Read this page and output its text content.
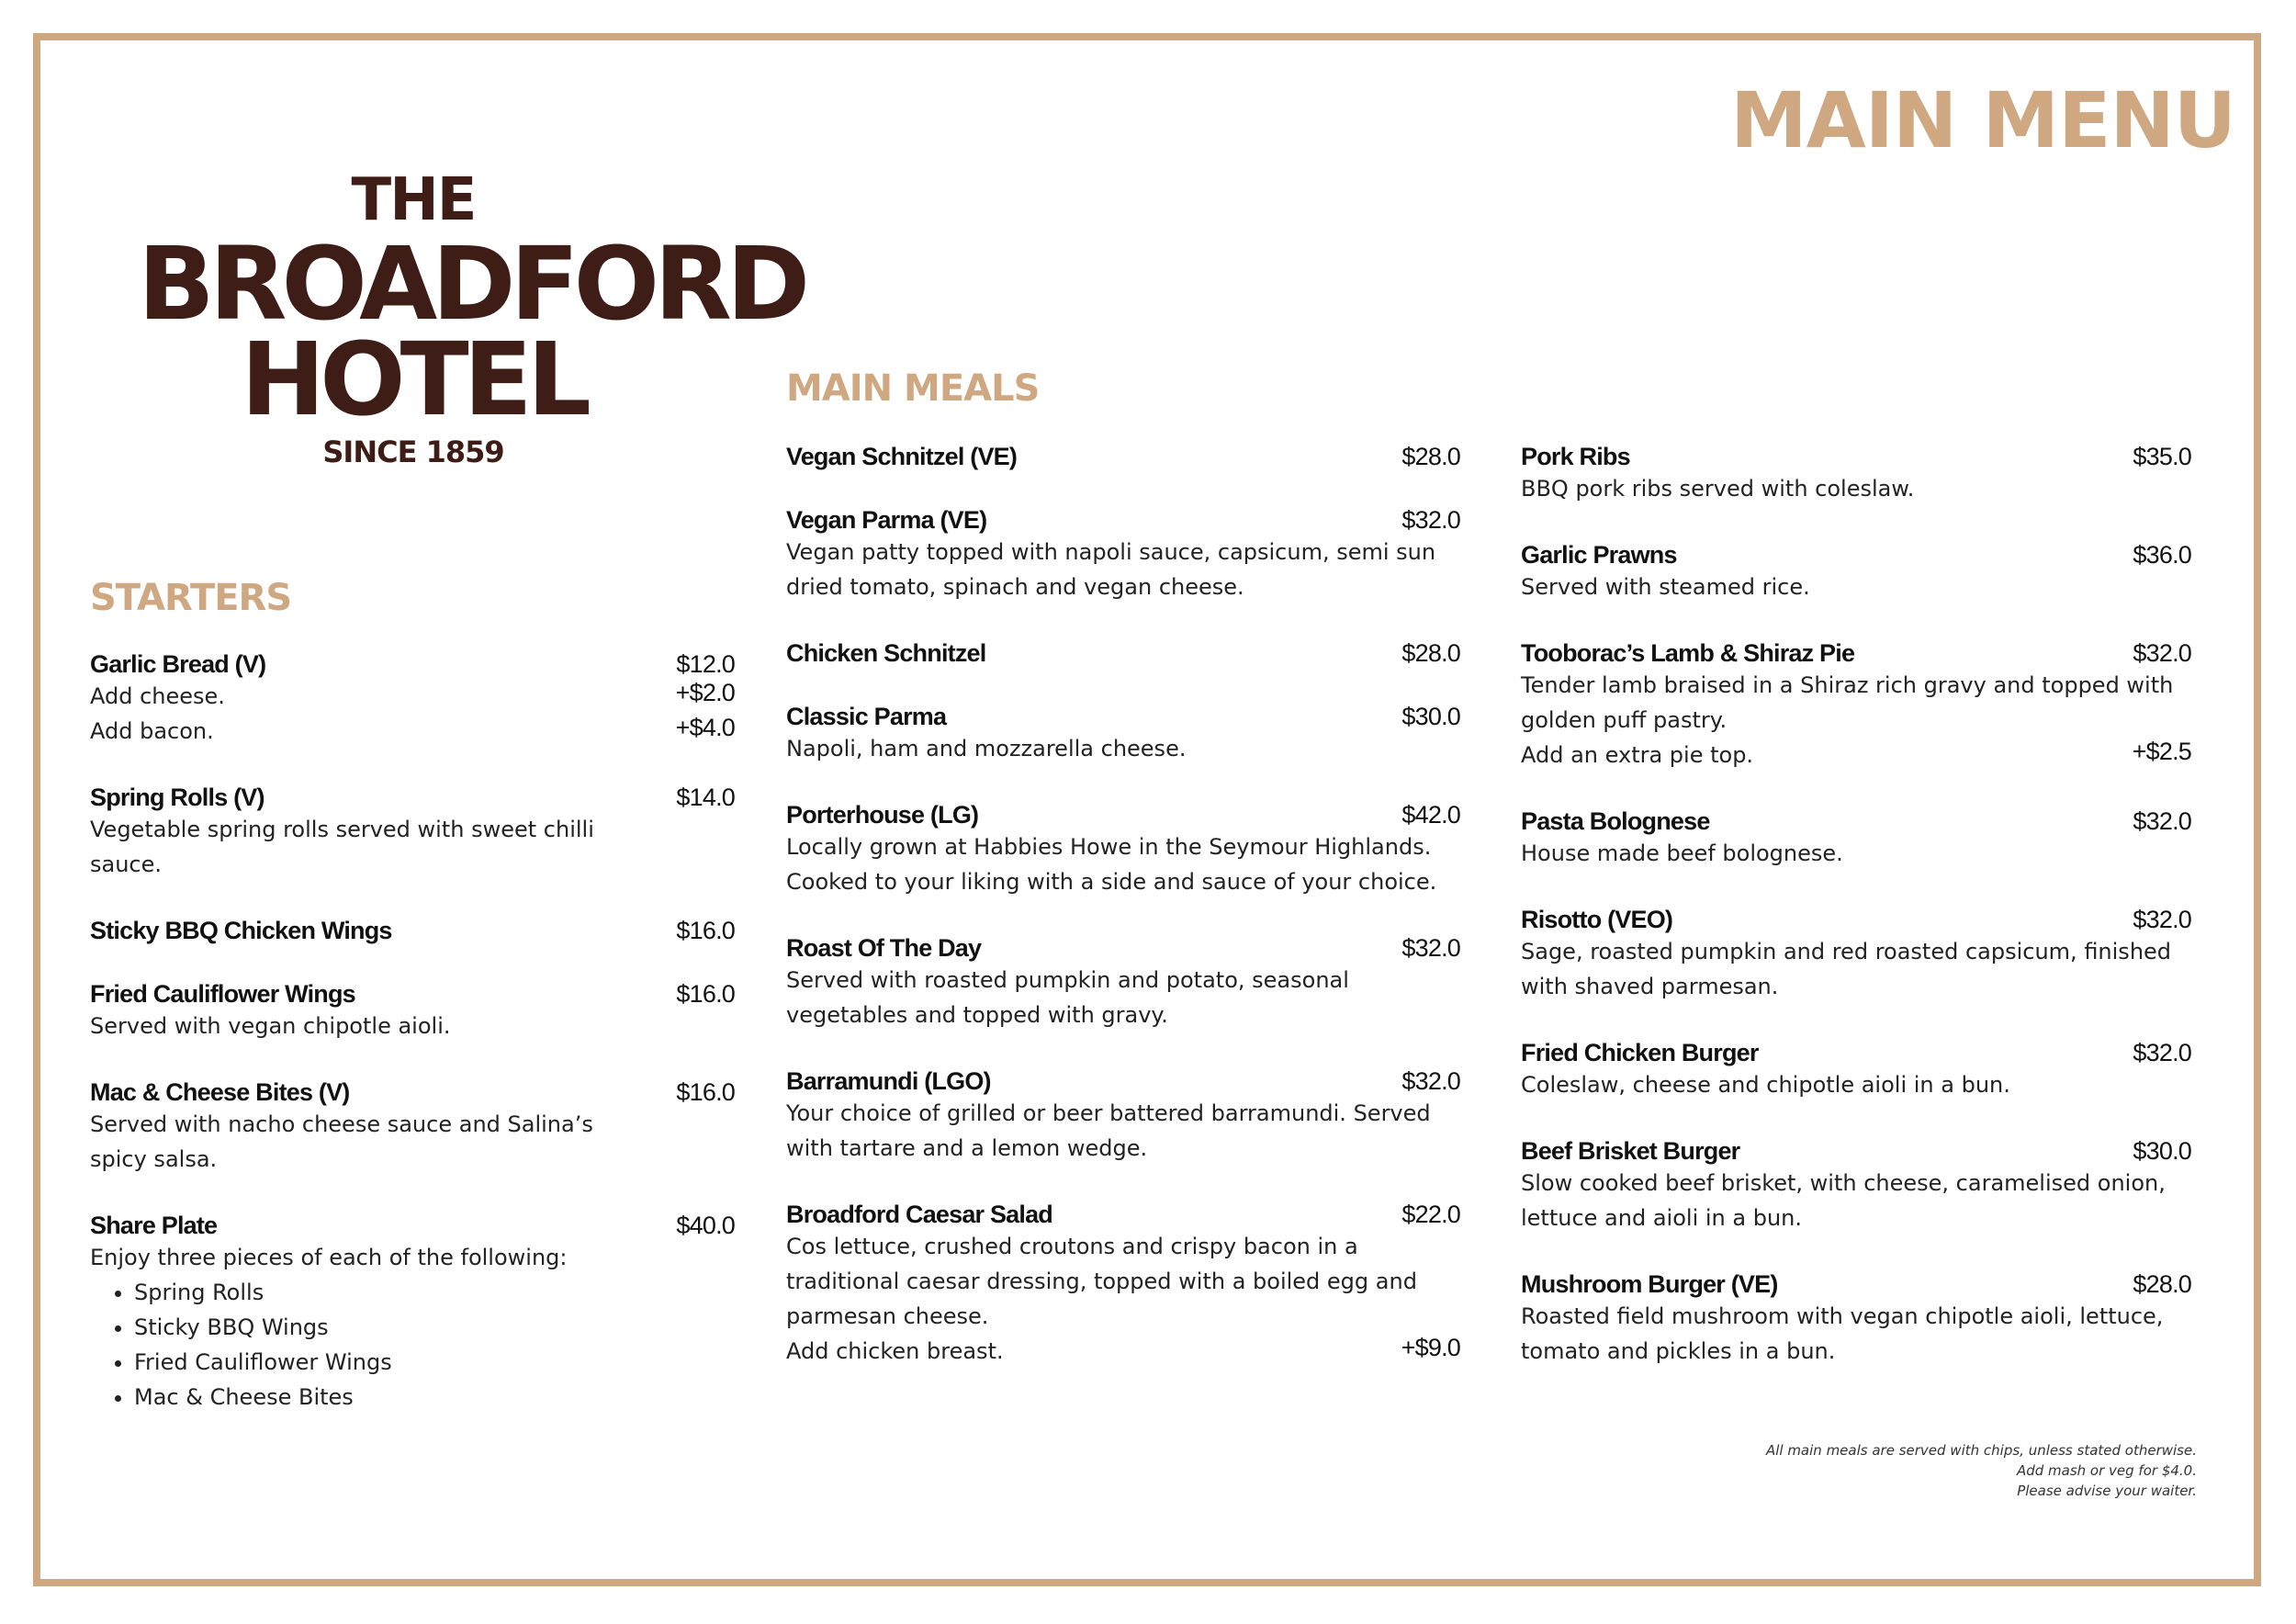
MAIN MENU
THE
BROADFORD
HOTEL
SINCE 1859
STARTERS
Garlic Bread (V)	$12.0
Add cheese.	+$2.0
Add bacon.	+$4.0
Spring Rolls (V)	$14.0
Vegetable spring rolls served with sweet chilli sauce.
Sticky BBQ Chicken Wings	$16.0
Fried Cauliflower Wings	$16.0
Served with vegan chipotle aioli.
Mac & Cheese Bites (V)	$16.0
Served with nacho cheese sauce and Salina’s spicy salsa.
Share Plate	$40.0
Enjoy three pieces of each of the following:
• Spring Rolls
• Sticky BBQ Wings
• Fried Cauliflower Wings
• Mac & Cheese Bites
MAIN MEALS
Vegan Schnitzel (VE)	$28.0
Vegan Parma (VE)	$32.0
Vegan patty topped with napoli sauce, capsicum, semi sun dried tomato, spinach and vegan cheese.
Chicken Schnitzel	$28.0
Classic Parma	$30.0
Napoli, ham and mozzarella cheese.
Porterhouse (LG)	$42.0
Locally grown at Habbies Howe in the Seymour Highlands. Cooked to your liking with a side and sauce of your choice.
Roast Of The Day	$32.0
Served with roasted pumpkin and potato, seasonal vegetables and topped with gravy.
Barramundi (LGO)	$32.0
Your choice of grilled or beer battered barramundi. Served with tartare and a lemon wedge.
Broadford Caesar Salad	$22.0
Cos lettuce, crushed croutons and crispy bacon in a traditional caesar dressing, topped with a boiled egg and parmesan cheese.
Add chicken breast.	+$9.0
Pork Ribs	$35.0
BBQ pork ribs served with coleslaw.
Garlic Prawns	$36.0
Served with steamed rice.
Tooborac’s Lamb & Shiraz Pie	$32.0
Tender lamb braised in a Shiraz rich gravy and topped with golden puff pastry.
Add an extra pie top.	+$2.5
Pasta Bolognese	$32.0
House made beef bolognese.
Risotto (VEO)	$32.0
Sage, roasted pumpkin and red roasted capsicum, finished with shaved parmesan.
Fried Chicken Burger	$32.0
Coleslaw, cheese and chipotle aioli in a bun.
Beef Brisket Burger	$30.0
Slow cooked beef brisket, with cheese, caramelised onion, lettuce and aioli in a bun.
Mushroom Burger (VE)	$28.0
Roasted field mushroom with vegan chipotle aioli, lettuce, tomato and pickles in a bun.
All main meals are served with chips, unless stated otherwise.
Add mash or veg for $4.0.
Please advise your waiter.
